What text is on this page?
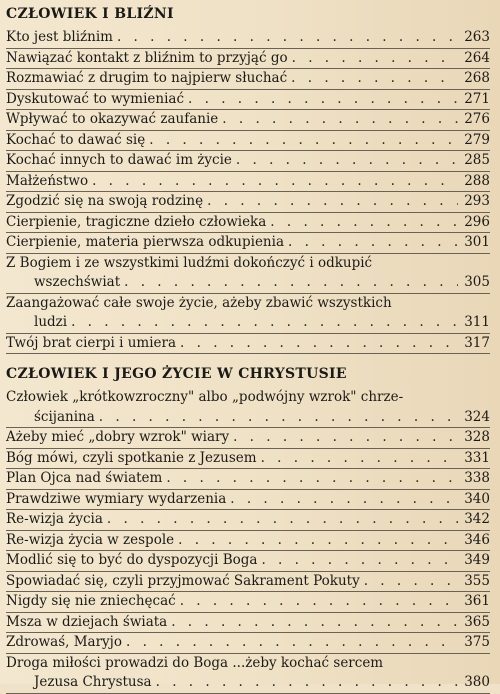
CZŁOWIEK I BLIŹNI
Kto jest bliźnim . . .	263
Nawiązać kontakt z bliźnim to przyjąć go . . .	264
Rozmawiać z drugim to najpierw słuchać . . .	268
Dyskutować to wymieniać . . .	271
Wpływać to okazywać zaufanie . . .	276
Kochać to dawać się . . .	279
Kochać innych to dawać im życie . . .	285
Małżeństwo . . .	288
Zgodzić się na swoją rodzinę . . .	293
Cierpienie, tragiczne dzieło człowieka . . .	296
Cierpienie, materia pierwsza odkupienia . . .	301
Z Bogiem i ze wszystkimi ludźmi dokończyć i odkupić
wszechświat . . .	305
Zaangażować całe swoje życie, ażeby zbawić wszystkich
ludzi . . .	311
Twój brat cierpi i umiera . . .	317
CZŁOWIEK I JEGO ŻYCIE W CHRYSTUSIE
Człowiek „krótkowzroczny" albo „podwójny wzrok" chrze-
ścijanina . . .	324
Ażeby mieć „dobry wzrok" wiary . . .	328
Bóg mówi, czyli spotkanie z Jezusem . . .	331
Plan Ojca nad światem . . .	338
Prawdziwe wymiary wydarzenia . . .	340
Re-wizja życia . . .	342
Re-wizja życia w zespole . . .	346
Modlić się to być do dyspozycji Boga . . .	349
Spowiadać się, czyli przyjmować Sakrament Pokuty . . .	355
Nigdy się nie zniechęcać . . .	361
Msza w dziejach świata . . .	365
Zdrowaś, Maryjo . . .	375
Droga miłości prowadzi do Boga ...żeby kochać sercem
Jezusa Chrystusa . . .	380
